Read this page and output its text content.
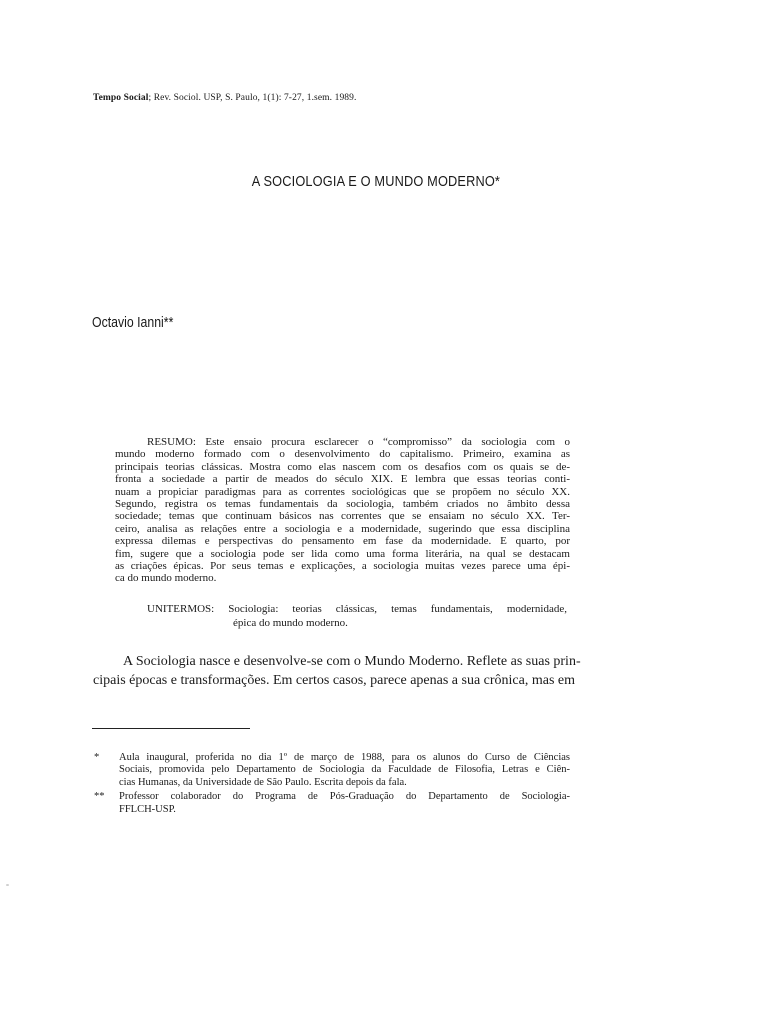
Tempo Social; Rev. Sociol. USP, S. Paulo, 1(1): 7-27, 1.sem. 1989.
A SOCIOLOGIA E O MUNDO MODERNO*
Octavio Ianni**
RESUMO: Este ensaio procura esclarecer o “compromisso” da sociologia com o
mundo moderno formado com o desenvolvimento do capitalismo. Primeiro, examina as
principais teorias clássicas. Mostra como elas nascem com os desafios com os quais se de-
fronta a sociedade a partir de meados do século XIX. E lembra que essas teorias conti-
nuam a propiciar paradigmas para as correntes sociológicas que se propõem no século XX.
Segundo, registra os temas fundamentais da sociologia, também criados no âmbito dessa
sociedade; temas que continuam básicos nas correntes que se ensaiam no século XX. Ter-
ceiro, analisa as relações entre a sociologia e a modernidade, sugerindo que essa disciplina
expressa dilemas e perspectivas do pensamento em fase da modernidade. E quarto, por
fim, sugere que a sociologia pode ser lida como uma forma literária, na qual se destacam
as criações épicas. Por seus temas e explicações, a sociologia muitas vezes parece uma épi-
ca do mundo moderno.
UNITERMOS: Sociologia: teorias clássicas, temas fundamentais, modernidade,
épica do mundo moderno.
A Sociologia nasce e desenvolve-se com o Mundo Moderno. Reflete as suas prin-
cipais épocas e transformações. Em certos casos, parece apenas a sua crônica, mas em
*	Aula inaugural, proferida no dia 1º de março de 1988, para os alunos do Curso de Ciências
Sociais, promovida pelo Departamento de Sociologia da Faculdade de Filosofia, Letras e Ciên-
cias Humanas, da Universidade de São Paulo. Escrita depois da fala.
**	Professor colaborador do Programa de Pós-Graduação do Departamento de Sociologia-
FFLCH-USP.
